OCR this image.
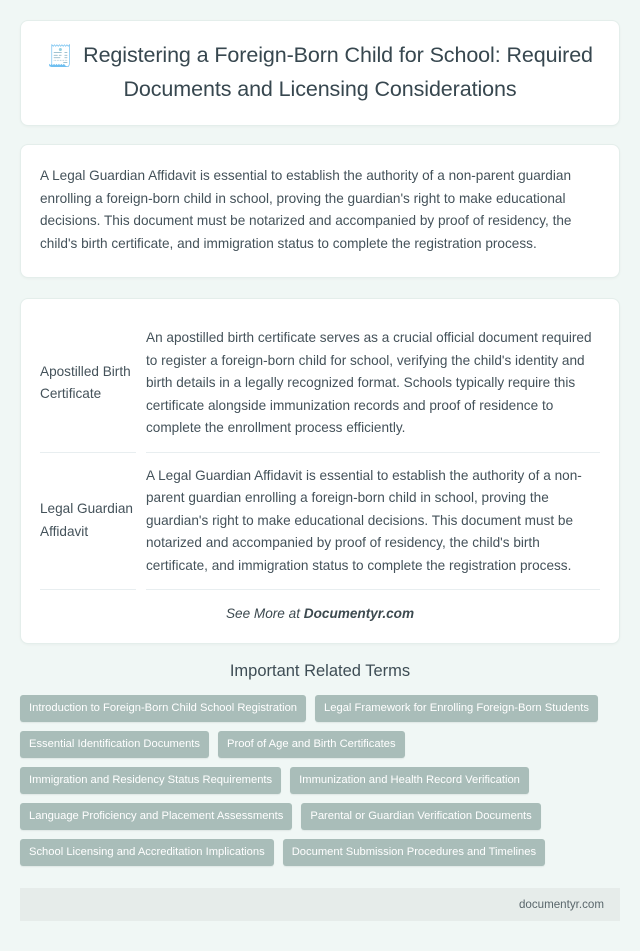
🧾 Registering a Foreign-Born Child for School: Required Documents and Licensing Considerations

A Legal Guardian Affidavit is essential to establish the authority of a non-parent guardian enrolling a foreign-born child in school, proving the guardian's right to make educational decisions. This document must be notarized and accompanied by proof of residency, the child's birth certificate, and immigration status to complete the registration process.

Apostilled Birth Certificate	An apostilled birth certificate serves as a crucial official document required to register a foreign-born child for school, verifying the child's identity and birth details in a legally recognized format. Schools typically require this certificate alongside immunization records and proof of residence to complete the enrollment process efficiently.
Legal Guardian Affidavit	A Legal Guardian Affidavit is essential to establish the authority of a non-parent guardian enrolling a foreign-born child in school, proving the guardian's right to make educational decisions. This document must be notarized and accompanied by proof of residency, the child's birth certificate, and immigration status to complete the registration process.
See More at Documentyr.com
Important Related Terms
Introduction to Foreign-Born Child School Registration	Legal Framework for Enrolling Foreign-Born Students
Essential Identification Documents	Proof of Age and Birth Certificates
Immigration and Residency Status Requirements	Immunization and Health Record Verification
Language Proficiency and Placement Assessments	Parental or Guardian Verification Documents
School Licensing and Accreditation Implications	Document Submission Procedures and Timelines
documentyr.com
